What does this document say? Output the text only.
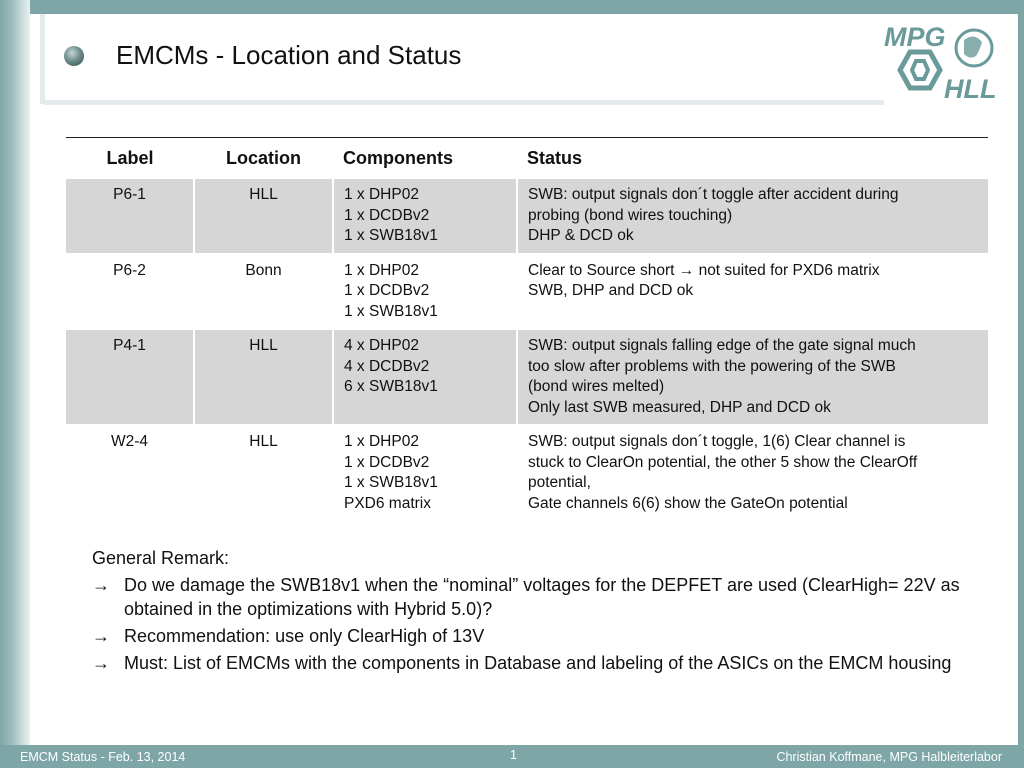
EMCMs - Location and Status
MPG
HLL
Label	Location	Components	Status
P6-1	HLL	1 x DHP02
1 x DCDBv2
1 x SWB18v1	SWB: output signals don´t toggle after accident during
probing (bond wires touching)
DHP & DCD ok

P6-2	Bonn	1 x DHP02
1 x DCDBv2
1 x SWB18v1	Clear to Source short → not suited for PXD6 matrix
SWB, DHP and DCD ok

P4-1	HLL	4 x DHP02
4 x DCDBv2
6 x SWB18v1	SWB: output signals falling edge of the gate signal much
too slow after problems with the powering of the SWB
(bond wires melted)
Only last SWB measured, DHP and DCD ok

W2-4	HLL	1 x DHP02
1 x DCDBv2
1 x SWB18v1
PXD6 matrix	SWB: output signals don´t toggle, 1(6) Clear channel is
stuck to ClearOn potential, the other 5 show the ClearOff
potential,
Gate channels 6(6) show the GateOn potential
General Remark:
→ Do we damage the SWB18v1 when the “nominal” voltages for the DEPFET are used (ClearHigh= 22V as obtained in the optimizations with Hybrid 5.0)?
→ Recommendation: use only ClearHigh of 13V
→ Must: List of EMCMs with the components in Database and labeling of the ASICs on the EMCM housing
EMCM Status - Feb. 13, 2014	1	Christian Koffmane, MPG Halbleiterlabor
